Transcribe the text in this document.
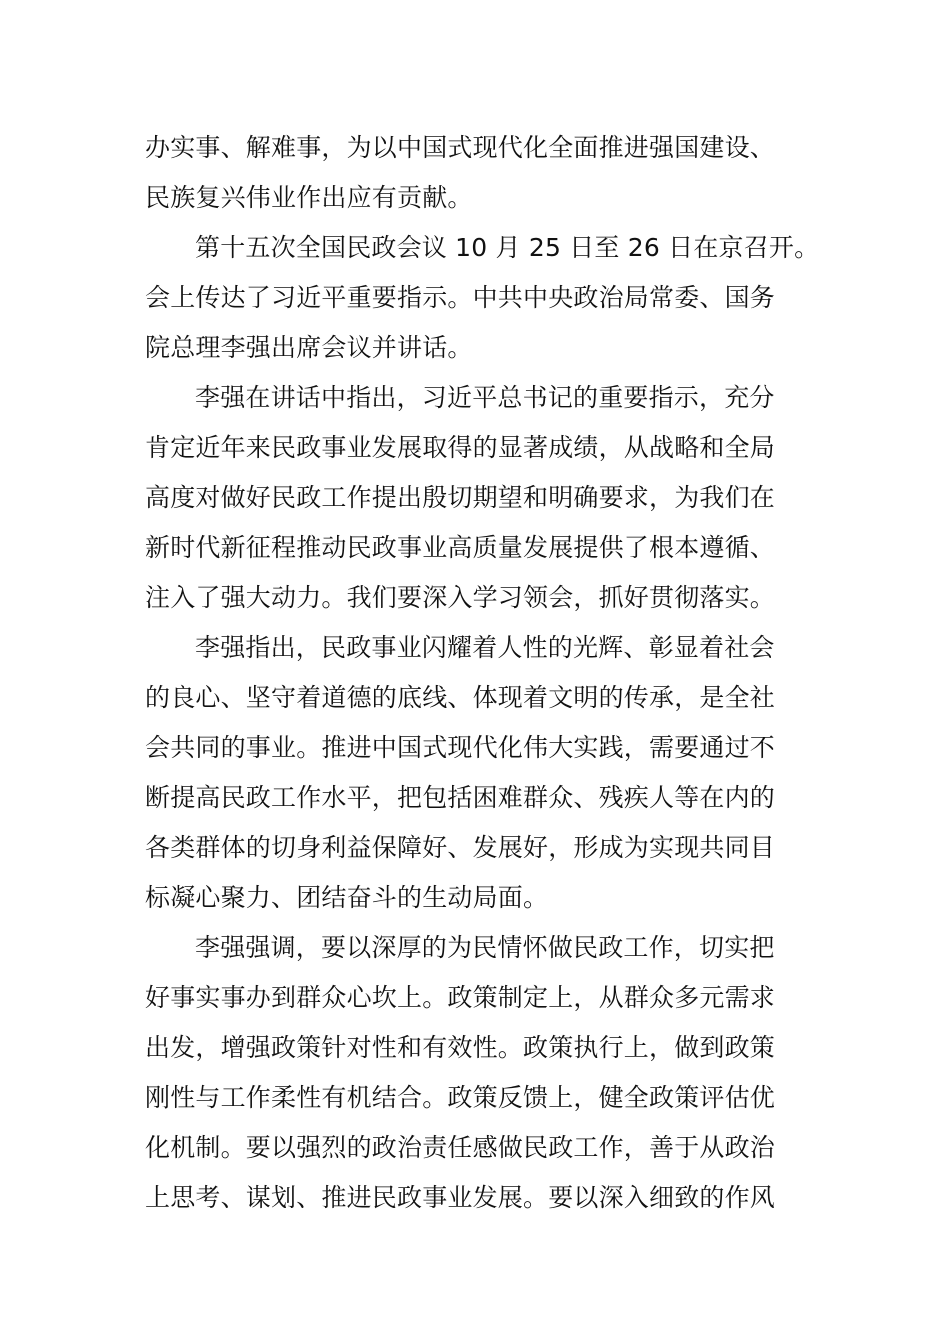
办实事、解难事，为以中国式现代化全面推进强国建设、
民族复兴伟业作出应有贡献。
第十五次全国民政会议 10 月 25 日至 26 日在京召开。
会上传达了习近平重要指示。中共中央政治局常委、国务
院总理李强出席会议并讲话。
李强在讲话中指出，习近平总书记的重要指示，充分
肯定近年来民政事业发展取得的显著成绩，从战略和全局
高度对做好民政工作提出殷切期望和明确要求，为我们在
新时代新征程推动民政事业高质量发展提供了根本遵循、
注入了强大动力。我们要深入学习领会，抓好贯彻落实。
李强指出，民政事业闪耀着人性的光辉、彰显着社会
的良心、坚守着道德的底线、体现着文明的传承，是全社
会共同的事业。推进中国式现代化伟大实践，需要通过不
断提高民政工作水平，把包括困难群众、残疾人等在内的
各类群体的切身利益保障好、发展好，形成为实现共同目
标凝心聚力、团结奋斗的生动局面。
李强强调，要以深厚的为民情怀做民政工作，切实把
好事实事办到群众心坎上。政策制定上，从群众多元需求
出发，增强政策针对性和有效性。政策执行上，做到政策
刚性与工作柔性有机结合。政策反馈上，健全政策评估优
化机制。要以强烈的政治责任感做民政工作，善于从政治
上思考、谋划、推进民政事业发展。要以深入细致的作风
